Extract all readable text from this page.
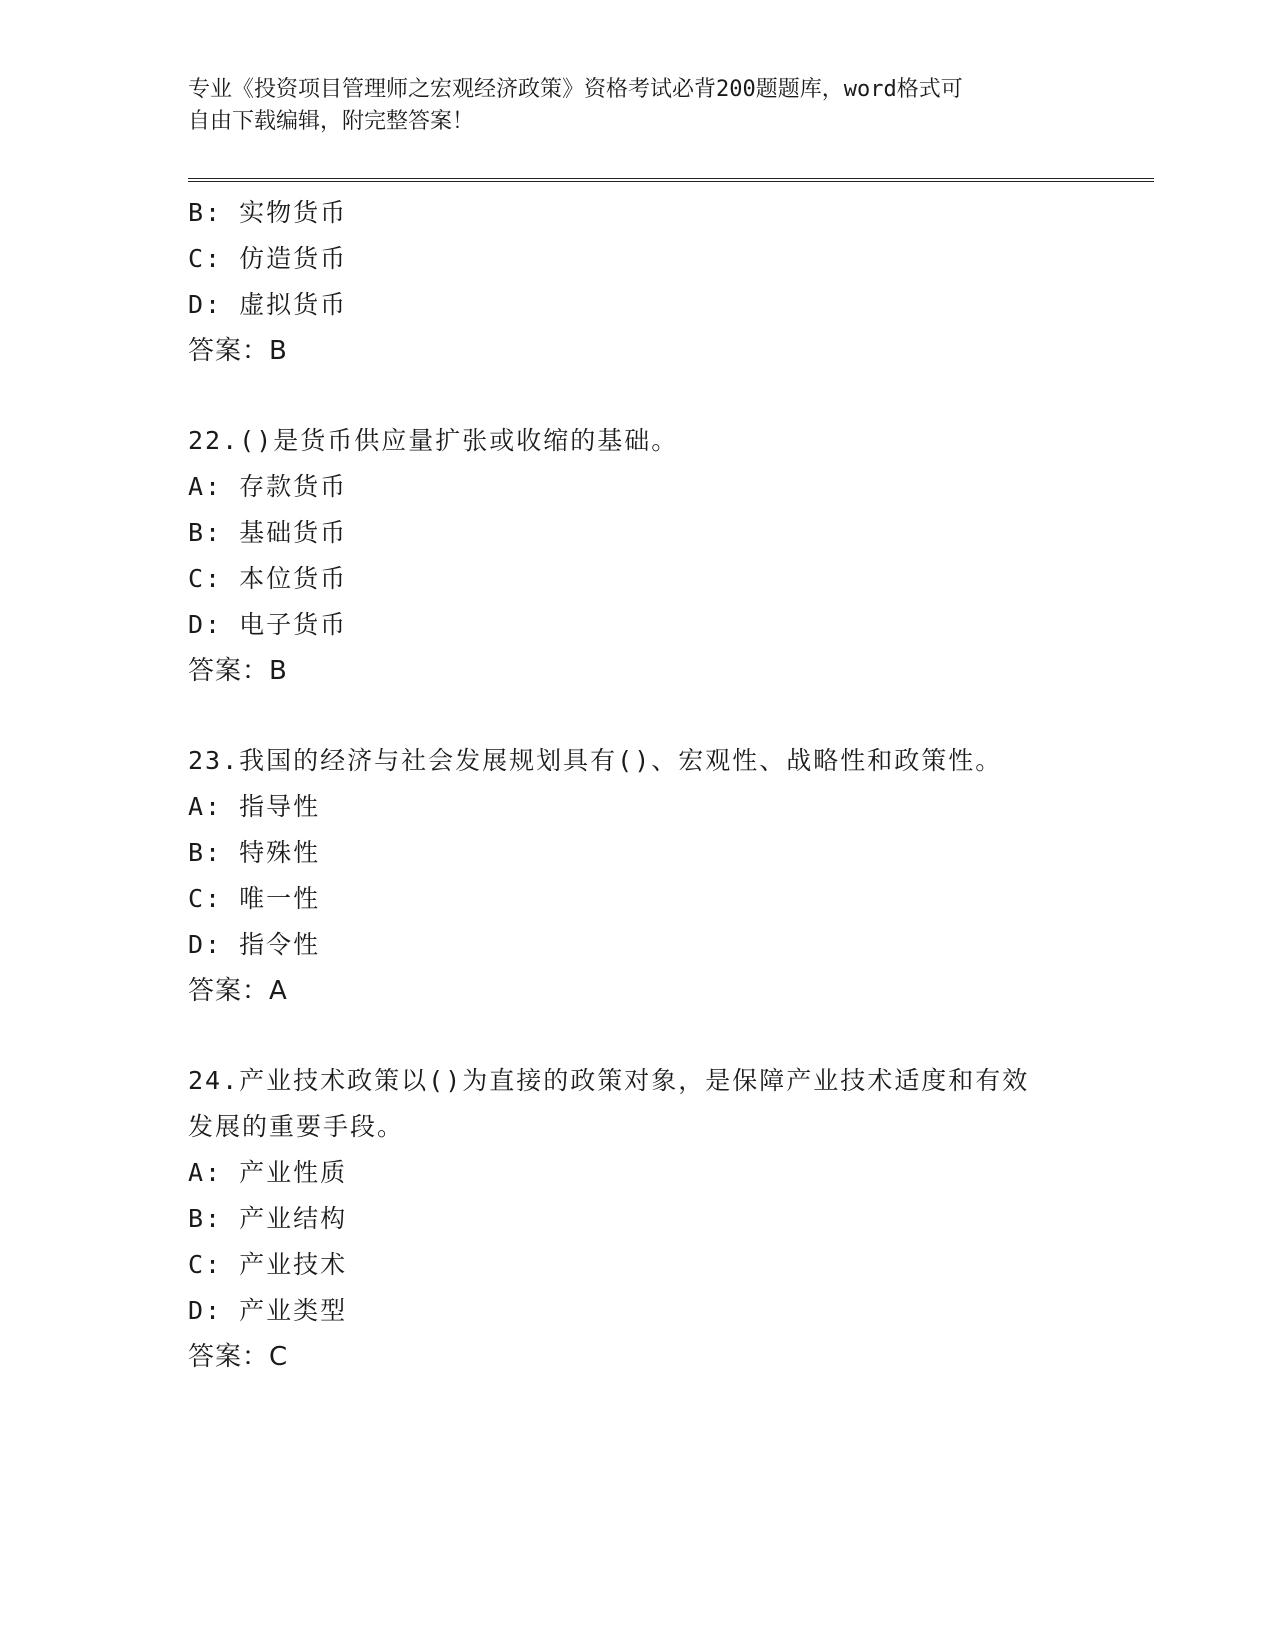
专业《投资项目管理师之宏观经济政策》资格考试必背200题题库，word格式可
自由下载编辑，附完整答案！
B: 实物货币
C: 仿造货币
D: 虚拟货币
答案：B
22.()是货币供应量扩张或收缩的基础。
A: 存款货币
B: 基础货币
C: 本位货币
D: 电子货币
答案：B
23.我国的经济与社会发展规划具有()、宏观性、战略性和政策性。
A: 指导性
B: 特殊性
C: 唯一性
D: 指令性
答案：A
24.产业技术政策以()为直接的政策对象，是保障产业技术适度和有效
发展的重要手段。
A: 产业性质
B: 产业结构
C: 产业技术
D: 产业类型
答案：C
